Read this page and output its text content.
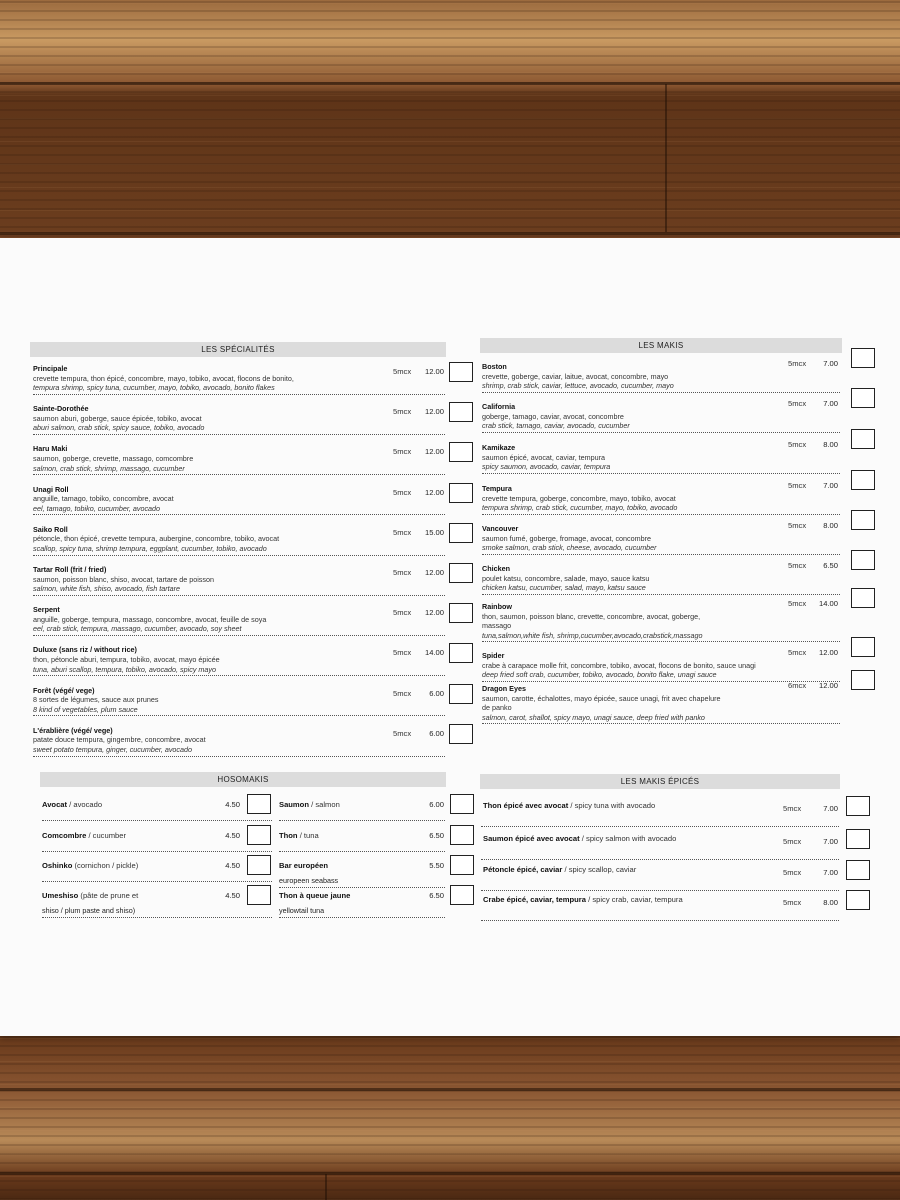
LES SPÉCIALITÉS
Principale
crevette tempura, thon épicé, concombre, mayo, tobiko, avocat, flocons de bonito,
tempura shrimp, spicy tuna, cucumber, mayo, tobiko, avocado, bonito flakes
5mcx	12.00
Sainte-Dorothée
saumon aburi, goberge, sauce épicée, tobiko, avocat
aburi salmon, crab stick, spicy sauce, tobiko, avocado
5mcx	12.00
Haru Maki
saumon, goberge, crevette, massago, comcombre
salmon, crab stick, shrimp, massago, cucumber
5mcx	12.00
Unagi Roll
anguille, tamago, tobiko, concombre, avocat
eel, tamago, tobiko, cucumber, avocado
5mcx	12.00
Saiko Roll
pétoncle, thon épicé, crevette tempura, aubergine, concombre, tobiko, avocat
scallop, spicy tuna, shrimp tempura, eggplant, cucumber, tobiko, avocado
5mcx	15.00
Tartar Roll (frit / fried)
saumon, poisson blanc, shiso, avocat, tartare de poisson
salmon, white fish, shiso, avocado, fish tartare
5mcx	12.00
Serpent
anguille, goberge, tempura, massago, concombre, avocat, feuille de soya
eel, crab stick, tempura, massago, cucumber, avocado, soy sheet
5mcx	12.00
Duluxe (sans riz / without rice)
thon, pétoncle aburi, tempura, tobiko, avocat, mayo épicée
tuna, aburi scallop, tempura, tobiko, avocado, spicy mayo
5mcx	14.00
Forêt (végé/ vege)
8 sortes de légumes, sauce aux prunes
8 kind of vegetables, plum sauce
5mcx	6.00
L'érablière (végé/ vege)
patate douce tempura, gingembre, concombre, avocat
sweet potato tempura, ginger, cucumber, avocado
5mcx	6.00
LES MAKIS
Boston
crevette, goberge, caviar, laitue, avocat, concombre, mayo
shrimp, crab stick, caviar, lettuce, avocado, cucumber, mayo
5mcx	7.00
California
goberge, tamago, caviar, avocat, concombre
crab stick, tamago, caviar, avocado, cucumber
5mcx	7.00
Kamikaze
saumon épicé, avocat, caviar, tempura
spicy saumon, avocado, caviar, tempura
5mcx	8.00
Tempura
crevette tempura, goberge, concombre, mayo, tobiko, avocat
tempura shrimp, crab stick, cucumber, mayo, tobiko, avocado
5mcx	7.00
Vancouver
saumon fumé, goberge, fromage, avocat, concombre
smoke salmon, crab stick, cheese, avocado, cucumber
5mcx	8.00
Chicken
poulet katsu, concombre, salade, mayo, sauce katsu
chicken katsu, cucumber, salad, mayo, katsu sauce
5mcx	6.50
Rainbow
thon, saumon, poisson blanc, crevette, concombre, avocat, goberge,
massago
tuna,salmon,white fish, shrimp,cucumber,avocado,crabstick,massago
5mcx	14.00
Spider
crabe à carapace molle frit, concombre, tobiko, avocat, flocons de bonito, sauce unagi
deep fried soft crab, cucumber, tobiko, avocado, bonito flake, unagi sauce
5mcx	12.00
Dragon Eyes
saumon, carotte, échalottes, mayo épicée, sauce unagi, frit avec chapelure
de panko
salmon, carot, shallot, spicy mayo, unagi sauce, deep fried with panko
6mcx	12.00
HOSOMAKIS
Avocat / avocado	4.50
Comcombre / cucumber	4.50
Oshinko (cornichon / pickle)	4.50
Umeshiso (pâte de prune et
shiso / plum paste and shiso)
4.50
Saumon / salmon	6.00
Thon / tuna	6.50
Bar européen
europeen seabass
5.50
Thon à queue jaune
yellowtail tuna
6.50
LES MAKIS ÉPICÉS
Thon épicé avec avocat / spicy tuna with avocado	5mcx	7.00
Saumon épicé avec avocat / spicy salmon with avocado	5mcx	7.00
Pétoncle épicé, caviar / spicy scallop, caviar	5mcx	7.00
Crabe épicé, caviar, tempura / spicy crab, caviar, tempura	5mcx	8.00
